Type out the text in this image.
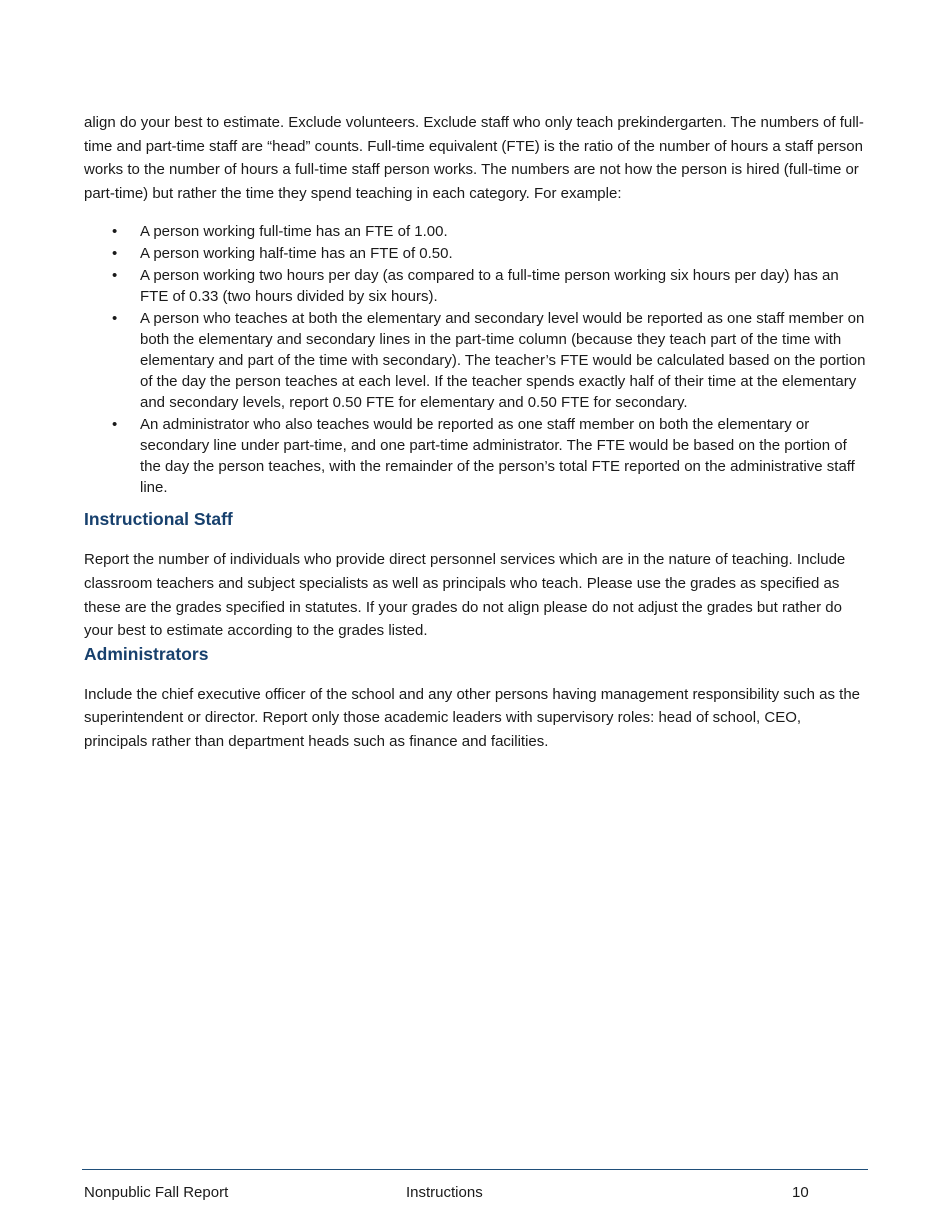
align do your best to estimate. Exclude volunteers. Exclude staff who only teach prekindergarten. The numbers of full-time and part-time staff are “head” counts. Full-time equivalent (FTE) is the ratio of the number of hours a staff person works to the number of hours a full-time staff person works. The numbers are not how the person is hired (full-time or part-time) but rather the time they spend teaching in each category. For example:

• A person working full-time has an FTE of 1.00.
• A person working half-time has an FTE of 0.50.
• A person working two hours per day (as compared to a full-time person working six hours per day) has an FTE of 0.33 (two hours divided by six hours).
• A person who teaches at both the elementary and secondary level would be reported as one staff member on both the elementary and secondary lines in the part-time column (because they teach part of the time with elementary and part of the time with secondary). The teacher’s FTE would be calculated based on the portion of the day the person teaches at each level. If the teacher spends exactly half of their time at the elementary and secondary levels, report 0.50 FTE for elementary and 0.50 FTE for secondary.
• An administrator who also teaches would be reported as one staff member on both the elementary or secondary line under part-time, and one part-time administrator. The FTE would be based on the portion of the day the person teaches, with the remainder of the person’s total FTE reported on the administrative staff line.
Instructional Staff

Report the number of individuals who provide direct personnel services which are in the nature of teaching. Include classroom teachers and subject specialists as well as principals who teach. Please use the grades as specified as these are the grades specified in statutes. If your grades do not align please do not adjust the grades but rather do your best to estimate according to the grades listed.

Administrators

Include the chief executive officer of the school and any other persons having management responsibility such as the superintendent or director. Report only those academic leaders with supervisory roles: head of school, CEO, principals rather than department heads such as finance and facilities.

Nonpublic Fall Report	Instructions	10
